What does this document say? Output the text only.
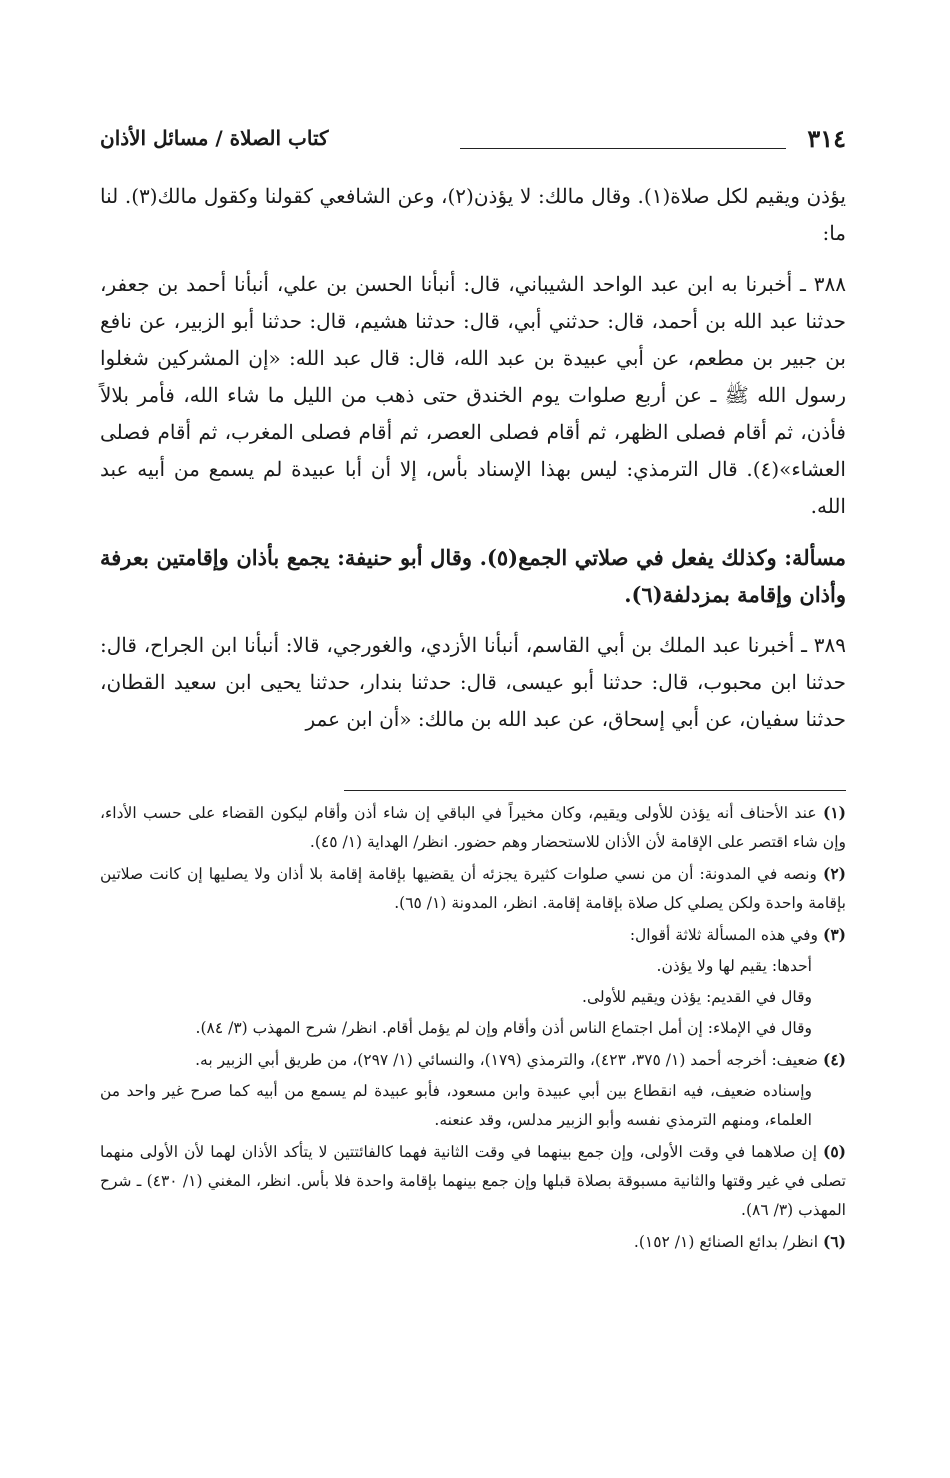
٣١٤
كتاب الصلاة / مسائل الأذان

يؤذن ويقيم لكل صلاة(١). وقال مالك: لا يؤذن(٢)، وعن الشافعي كقولنا وكقول مالك(٣). لنا ما:

٣٨٨ ـ أخبرنا به ابن عبد الواحد الشيباني، قال: أنبأنا الحسن بن علي، أنبأنا أحمد بن جعفر، حدثنا عبد الله بن أحمد، قال: حدثني أبي، قال: حدثنا هشيم، قال: حدثنا أبو الزبير، عن نافع بن جبير بن مطعم، عن أبي عبيدة بن عبد الله، قال: قال عبد الله: «إن المشركين شغلوا رسول الله ﷺ ـ عن أربع صلوات يوم الخندق حتى ذهب من الليل ما شاء الله، فأمر بلالاً فأذن، ثم أقام فصلى الظهر، ثم أقام فصلى العصر، ثم أقام فصلى المغرب، ثم أقام فصلى العشاء»(٤). قال الترمذي: ليس بهذا الإسناد بأس، إلا أن أبا عبيدة لم يسمع من أبيه عبد الله.

مسألة: وكذلك يفعل في صلاتي الجمع(٥). وقال أبو حنيفة: يجمع بأذان وإقامتين بعرفة وأذان وإقامة بمزدلفة(٦).

٣٨٩ ـ أخبرنا عبد الملك بن أبي القاسم، أنبأنا الأزدي، والغورجي، قالا: أنبأنا ابن الجراح، قال: حدثنا ابن محبوب، قال: حدثنا أبو عيسى، قال: حدثنا بندار، حدثنا يحيى ابن سعيد القطان، حدثنا سفيان، عن أبي إسحاق، عن عبد الله بن مالك: «أن ابن عمر

(١) عند الأحناف أنه يؤذن للأولى ويقيم، وكان مخيراً في الباقي إن شاء أذن وأقام ليكون القضاء على حسب الأداء، وإن شاء اقتصر على الإقامة لأن الأذان للاستحضار وهم حضور. انظر/ الهداية (١/ ٤٥).
(٢) ونصه في المدونة: أن من نسي صلوات كثيرة يجزئه أن يقضيها بإقامة إقامة بلا أذان ولا يصليها إن كانت صلاتين بإقامة واحدة ولكن يصلي كل صلاة بإقامة إقامة. انظر، المدونة (١/ ٦٥).
(٣) وفي هذه المسألة ثلاثة أقوال:
أحدها: يقيم لها ولا يؤذن.
وقال في القديم: يؤذن ويقيم للأولى.
وقال في الإملاء: إن أمل اجتماع الناس أذن وأقام وإن لم يؤمل أقام. انظر/ شرح المهذب (٣/ ٨٤).
(٤) ضعيف: أخرجه أحمد (١/ ٣٧٥، ٤٢٣)، والترمذي (١٧٩)، والنسائي (١/ ٢٩٧)، من طريق أبي الزبير به.
وإسناده ضعيف، فيه انقطاع بين أبي عبيدة وابن مسعود، فأبو عبيدة لم يسمع من أبيه كما صرح غير واحد من العلماء، ومنهم الترمذي نفسه وأبو الزبير مدلس، وقد عنعنه.
(٥) إن صلاهما في وقت الأولى، وإن جمع بينهما في وقت الثانية فهما كالفائتتين لا يتأكد الأذان لهما لأن الأولى منهما تصلى في غير وقتها والثانية مسبوقة بصلاة قبلها وإن جمع بينهما بإقامة واحدة فلا بأس. انظر، المغني (١/ ٤٣٠) ـ شرح المهذب (٣/ ٨٦).
(٦) انظر/ بدائع الصنائع (١/ ١٥٢).
